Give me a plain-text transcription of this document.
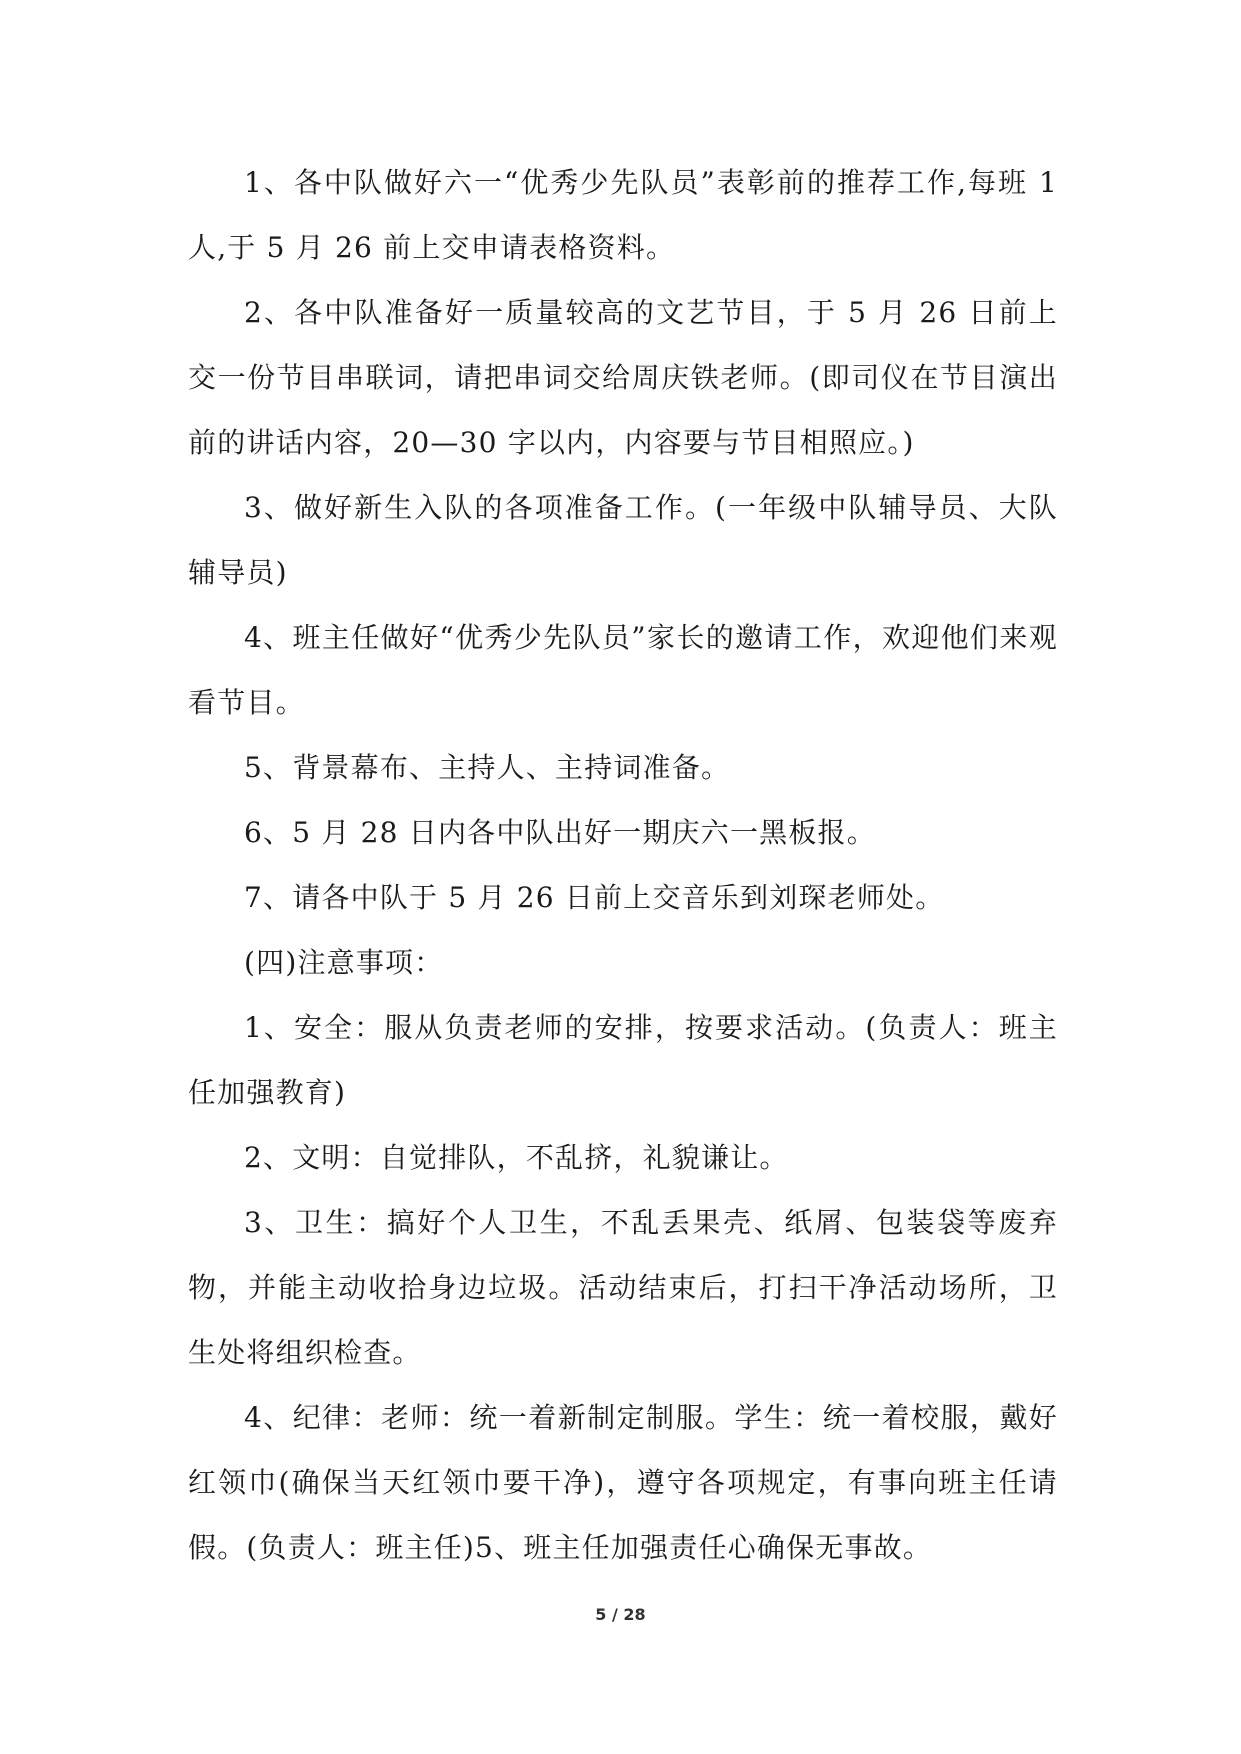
1、各中队做好六一“优秀少先队员”表彰前的推荐工作,每班 1 人,于 5 月 26 前上交申请表格资料。

2、各中队准备好一质量较高的文艺节目，于 5 月 26 日前上交一份节目串联词，请把串词交给周庆铁老师。(即司仪在节目演出前的讲话内容，20—30 字以内，内容要与节目相照应。)

3、做好新生入队的各项准备工作。(一年级中队辅导员、大队辅导员)

4、班主任做好“优秀少先队员”家长的邀请工作，欢迎他们来观看节目。

5、背景幕布、主持人、主持词准备。

6、5 月 28 日内各中队出好一期庆六一黑板报。

7、请各中队于 5 月 26 日前上交音乐到刘琛老师处。

(四)注意事项：

1、安全：服从负责老师的安排，按要求活动。(负责人：班主任加强教育)

2、文明：自觉排队，不乱挤，礼貌谦让。

3、卫生：搞好个人卫生，不乱丢果壳、纸屑、包装袋等废弃物，并能主动收拾身边垃圾。活动结束后，打扫干净活动场所，卫生处将组织检查。

4、纪律：老师：统一着新制定制服。学生：统一着校服，戴好红领巾(确保当天红领巾要干净)，遵守各项规定，有事向班主任请假。(负责人：班主任)5、班主任加强责任心确保无事故。

5 / 28
